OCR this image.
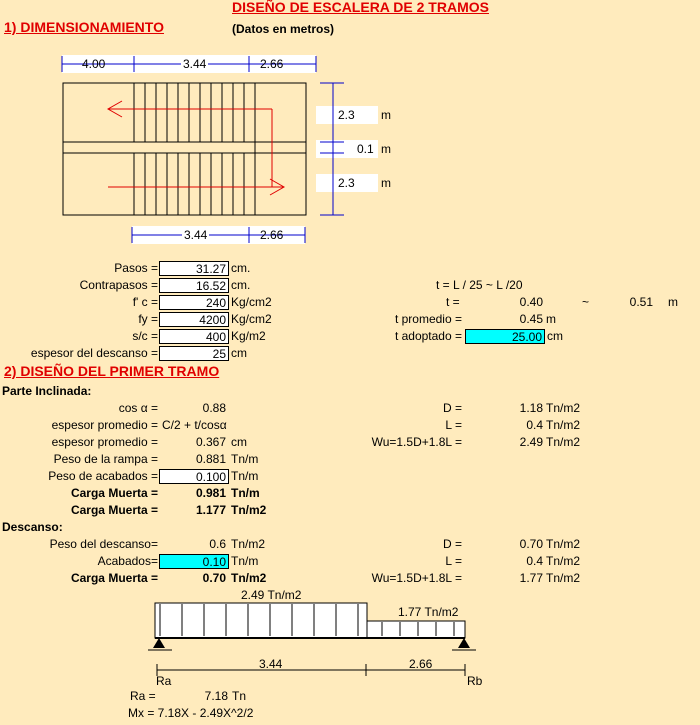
DISEÑO DE ESCALERA DE 2 TRAMOS
1) DIMENSIONAMIENTO	(Datos en metros)
4.00	3.44	2.66
2.3 m
0.1 m
2.3 m
3.44	2.66
Pasos =	31.27 cm.
Contrapasos =	16.52 cm.
f' c =	240 Kg/cm2
fy =	4200 Kg/cm2
s/c =	400 Kg/m2
espesor del descanso =	25 cm
t = L / 25 ~ L /20
t =	0.40	~	0.51 m
t promedio =	0.45 m
t adoptado =	25.00 cm
2) DISEÑO DEL PRIMER TRAMO
Parte Inclinada:
cos α =	0.88
espesor promedio = C/2 + t/cosα
espesor promedio =	0.367 cm
Peso de la rampa =	0.881 Tn/m
Peso de acabados =	0.100 Tn/m
Carga Muerta =	0.981 Tn/m
Carga Muerta =	1.177 Tn/m2
D =	1.18 Tn/m2
L =	0.4 Tn/m2
Wu=1.5D+1.8L =	2.49 Tn/m2
Descanso:
Peso del descanso=	0.6 Tn/m2
Acabados=	0.10 Tn/m
Carga Muerta =	0.70 Tn/m2
D =	0.70 Tn/m2
L =	0.4 Tn/m2
Wu=1.5D+1.8L =	1.77 Tn/m2
2.49 Tn/m2
1.77 Tn/m2
3.44	2.66
Ra	Rb
Ra =	7.18 Tn
Mx = 7.18X - 2.49X^2/2
